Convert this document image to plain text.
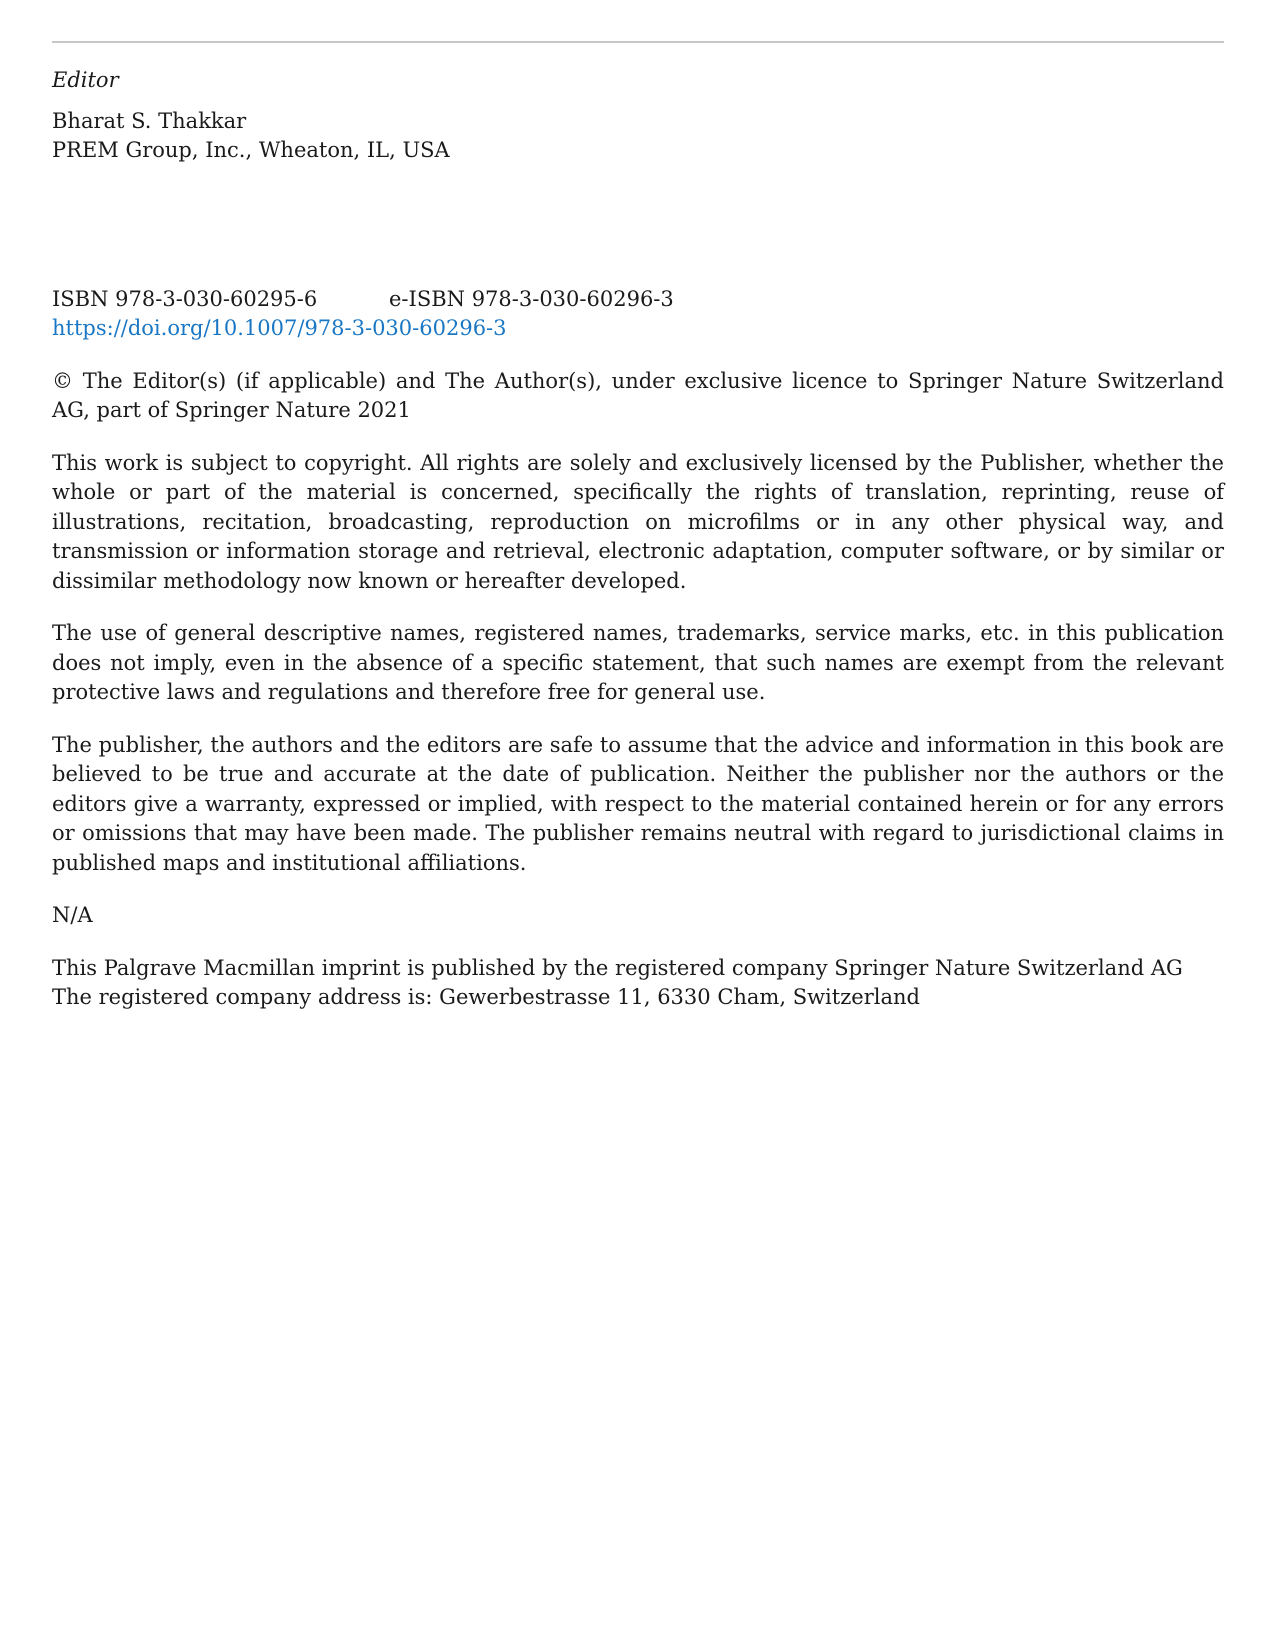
Editor

Bharat S. Thakkar
PREM Group, Inc., Wheaton, IL, USA
ISBN 978-3-030-60295-6	e-ISBN 978-3-030-60296-3
https://doi.org/10.1007/978-3-030-60296-3

© The Editor(s) (if applicable) and The Author(s), under exclusive licence to Springer Nature Switzerland AG, part of Springer Nature 2021

This work is subject to copyright. All rights are solely and exclusively licensed by the Publisher, whether the whole or part of the material is concerned, specifically the rights of translation, reprinting, reuse of illustrations, recitation, broadcasting, reproduction on microfilms or in any other physical way, and transmission or information storage and retrieval, electronic adaptation, computer software, or by similar or dissimilar methodology now known or hereafter developed.

The use of general descriptive names, registered names, trademarks, service marks, etc. in this publication does not imply, even in the absence of a specific statement, that such names are exempt from the relevant protective laws and regulations and therefore free for general use.

The publisher, the authors and the editors are safe to assume that the advice and information in this book are believed to be true and accurate at the date of publication. Neither the publisher nor the authors or the editors give a warranty, expressed or implied, with respect to the material contained herein or for any errors or omissions that may have been made. The publisher remains neutral with regard to jurisdictional claims in published maps and institutional affiliations.

N/A

This Palgrave Macmillan imprint is published by the registered company Springer Nature Switzerland AG
The registered company address is: Gewerbestrasse 11, 6330 Cham, Switzerland
